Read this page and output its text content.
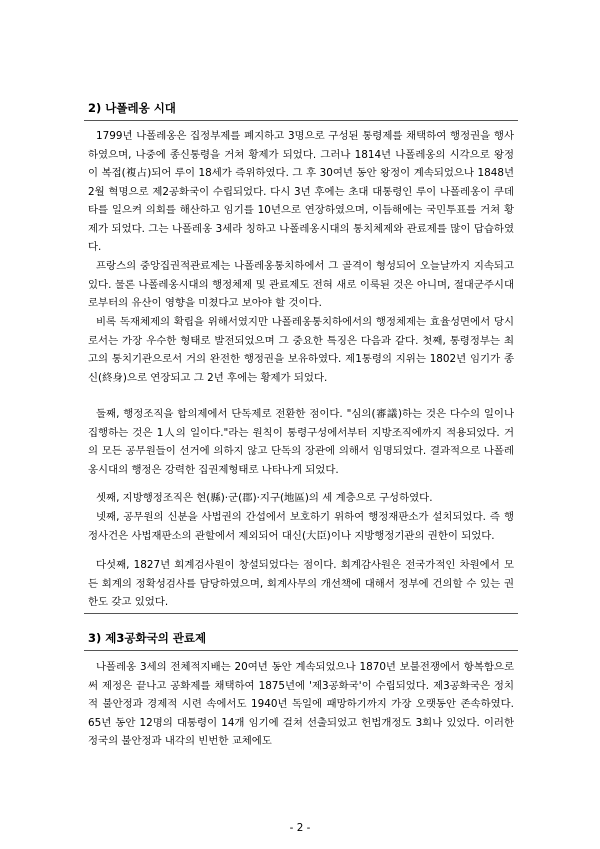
2) 나폴레옹 시대

1799년 나폴레옹은 집정부제를 폐지하고 3명으로 구성된 통령제를 채택하여 행정권을 행사하였으며, 나중에 종신통령을 거쳐 황제가 되었다. 그러나 1814년 나폴레옹의 시각으로 왕정이 복접(複占)되어 루이 18세가 즉위하였다. 그 후 30여년 동안 왕정이 계속되었으나 1848년 2월 혁명으로 제2공화국이 수립되었다. 다시 3년 후에는 초대 대통령인 루이 나폴레옹이 쿠데타를 일으켜 의회를 해산하고 임기를 10년으로 연장하였으며, 이듬해에는 국민투표를 거쳐 황제가 되었다. 그는 나폴레옹 3세라 칭하고 나폴레옹시대의 통치체제와 관료제를 많이 답습하였다.

프랑스의 중앙집권적관료제는 나폴레옹통치하에서 그 골격이 형성되어 오늘날까지 지속되고 있다. 물론 나폴레옹시대의 행정체제 및 관료제도 전혀 새로 이룩된 것은 아니며, 절대군주시대로부터의 유산이 영향을 미쳤다고 보아야 할 것이다.

비록 독재체제의 확립을 위해서였지만 나폴레옹통치하에서의 행정체제는 효율성면에서 당시로서는 가장 우수한 형태로 발전되었으며 그 중요한 특징은 다음과 같다. 첫째, 통령정부는 최고의 통치기관으로서 거의 완전한 행정권을 보유하였다. 제1통령의 지위는 1802년 임기가 종신(終身)으로 연장되고 그 2년 후에는 황제가 되었다.

둘째, 행정조직을 합의제에서 단독제로 전환한 점이다. "심의(審議)하는 것은 다수의 일이나 집행하는 것은 1人의 일이다."라는 원칙이 통령구성에서부터 지방조직에까지 적용되었다. 거의 모든 공무원들이 선거에 의하지 않고 단독의 장관에 의해서 임명되었다. 결과적으로 나폴레옹시대의 행정은 강력한 집권제형태로 나타나게 되었다.

셋째, 지방행정조직은 현(縣)·군(郡)·지구(地區)의 세 계층으로 구성하였다.

넷째, 공무원의 신분을 사법권의 간섭에서 보호하기 위하여 행정재판소가 설치되었다. 즉 행정사건은 사법재판소의 관할에서 제외되어 대신(大臣)이나 지방행정기관의 권한이 되었다.

다섯째, 1827년 회계검사원이 창설되었다는 점이다. 회계감사원은 전국가적인 차원에서 모든 회계의 정확성검사를 담당하였으며, 회계사무의 개선책에 대해서 정부에 건의할 수 있는 권한도 갖고 있었다.

3) 제3공화국의 관료제

나폴레옹 3세의 전체적지배는 20여년 동안 계속되었으나 1870년 보불전쟁에서 항복함으로써 제정은 끝나고 공화제를 채택하여 1875년에 '제3공화국'이 수립되었다. 제3공화국은 정치적 불안정과 경제적 시련 속에서도 1940년 독일에 패망하기까지 가장 오랫동안 존속하였다. 65년 동안 12명의 대통령이 14개 임기에 걸쳐 선출되었고 헌법개정도 3회나 있었다. 이러한 정국의 불안정과 내각의 빈번한 교체에도

- 2 -
